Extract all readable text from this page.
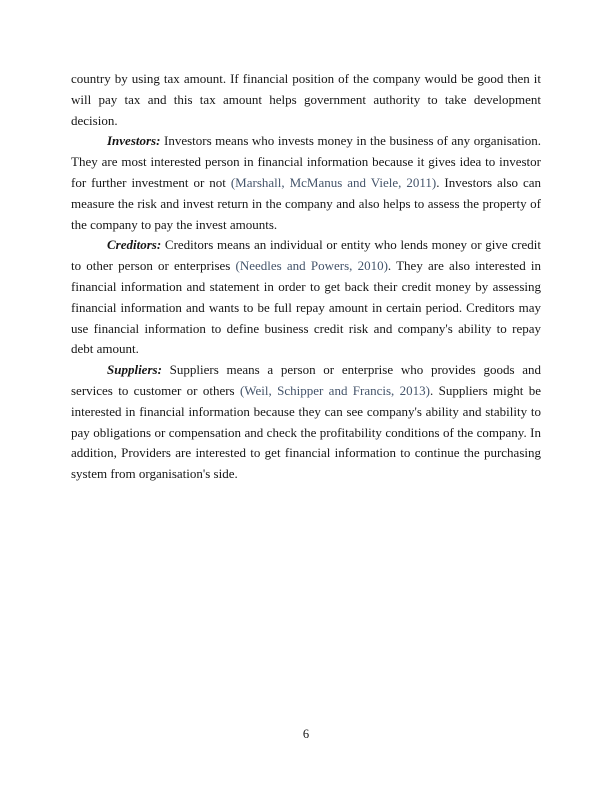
country by using tax amount. If financial position of the company would be good then it will pay tax and this tax amount helps government authority to take development decision.

Investors: Investors means who invests money in the business of any organisation. They are most interested person in financial information because it gives idea to investor for further investment or not (Marshall, McManus and Viele, 2011). Investors also can measure the risk and invest return in the company and also helps to assess the property of the company to pay the invest amounts.

Creditors: Creditors means an individual or entity who lends money or give credit to other person or enterprises (Needles and Powers, 2010). They are also interested in financial information and statement in order to get back their credit money by assessing financial information and wants to be full repay amount in certain period. Creditors may use financial information to define business credit risk and company's ability to repay debt amount.

Suppliers: Suppliers means a person or enterprise who provides goods and services to customer or others (Weil, Schipper and Francis, 2013). Suppliers might be interested in financial information because they can see company's ability and stability to pay obligations or compensation and check the profitability conditions of the company. In addition, Providers are interested to get financial information to continue the purchasing system from organisation's side.

6
